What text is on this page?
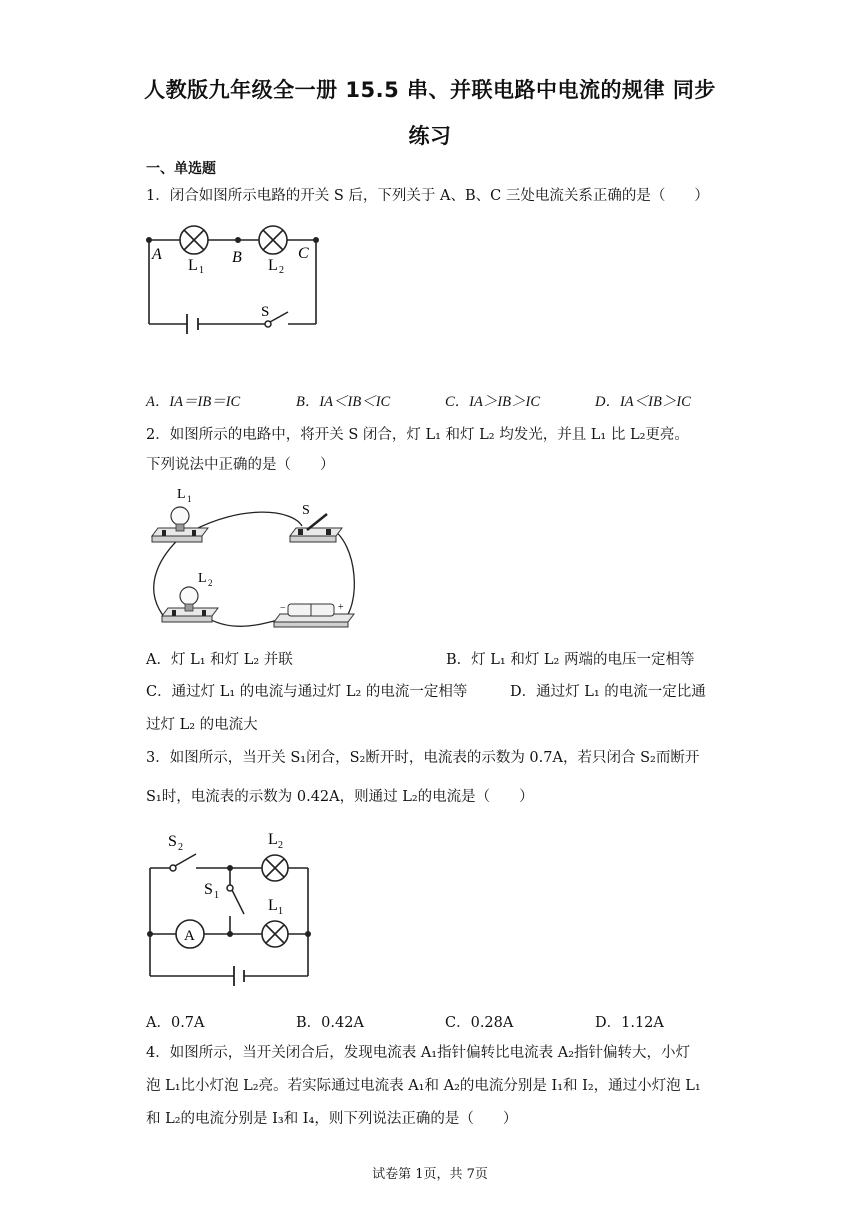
人教版九年级全一册 15.5 串、并联电路中电流的规律 同步
练习
一、单选题
1．闭合如图所示电路的开关 S 后，下列关于 A、B、C 三处电流关系正确的是（　　）
A	B	C
L 1	L 2
S
A．IA＝IB＝IC	B．IA＜IB＜IC	C．IA＞IB＞IC	D．IA＜IB＞IC
2．如图所示的电路中，将开关 S 闭合，灯 L₁ 和灯 L₂ 均发光，并且 L₁ 比 L₂更亮。
下列说法中正确的是（　　）
L 1
L 2
S
−	+
A．灯 L₁ 和灯 L₂ 并联	B．灯 L₁ 和灯 L₂ 两端的电压一定相等
C．通过灯 L₁ 的电流与通过灯 L₂ 的电流一定相等	D．通过灯 L₁ 的电流一定比通
过灯 L₂ 的电流大
3．如图所示，当开关 S₁闭合，S₂断开时，电流表的示数为 0.7A，若只闭合 S₂而断开
S₁时，电流表的示数为 0.42A，则通过 L₂的电流是（　　）
A
S 2
S 1
L 2
L 1
A．0.7A	B．0.42A	C．0.28A	D．1.12A
4．如图所示，当开关闭合后，发现电流表 A₁指针偏转比电流表 A₂指针偏转大，小灯
泡 L₁比小灯泡 L₂亮。若实际通过电流表 A₁和 A₂的电流分别是 I₁和 I₂，通过小灯泡 L₁
和 L₂的电流分别是 I₃和 I₄，则下列说法正确的是（　　）
试卷第 1页，共 7页
